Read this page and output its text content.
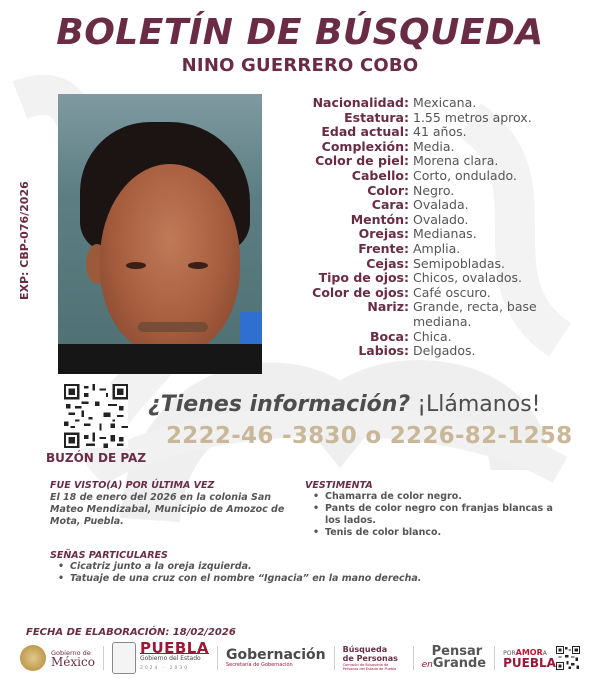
BOLETÍN DE BÚSQUEDA
NINO GUERRERO COBO
EXP: CBP-076/2026
Nacionalidad: Mexicana.
Estatura: 1.55 metros aprox.
Edad actual: 41 años.
Complexión: Media.
Color de piel: Morena clara.
Cabello: Corto, ondulado.
Color: Negro.
Cara: Ovalada.
Mentón: Ovalado.
Orejas: Medianas.
Frente: Amplia.
Cejas: Semipobladas.
Tipo de ojos: Chicos, ovalados.
Color de ojos: Café oscuro.
Nariz: Grande, recta, base mediana.
Boca: Chica.
Labios: Delgados.
BUZÓN DE PAZ
¿Tienes información? ¡Llámanos!
2222-46 -3830 o 2226-82-1258
FUE VISTO(A) POR ÚLTIMA VEZ
El 18 de enero del 2026 en la colonia San Mateo Mendizabal, Municipio de Amozoc de Mota, Puebla.
VESTIMENTA
• Chamarra de color negro.
• Pants de color negro con franjas blancas a los lados.
• Tenis de color blanco.
SEÑAS PARTICULARES
• Cicatriz junto a la oreja izquierda.
• Tatuaje de una cruz con el nombre “Ignacia” en la mano derecha.
FECHA DE ELABORACIÓN: 18/02/2026
Gobierno de
México
PUEBLA
Gobierno del Estado
2024 · 2030
Gobernación
Secretaría de Gobernación
Búsqueda
de Personas
Comisión de Búsqueda de Personas del Estado de Puebla
Pensar
enGrande
PORAMORA
PUEBLA
